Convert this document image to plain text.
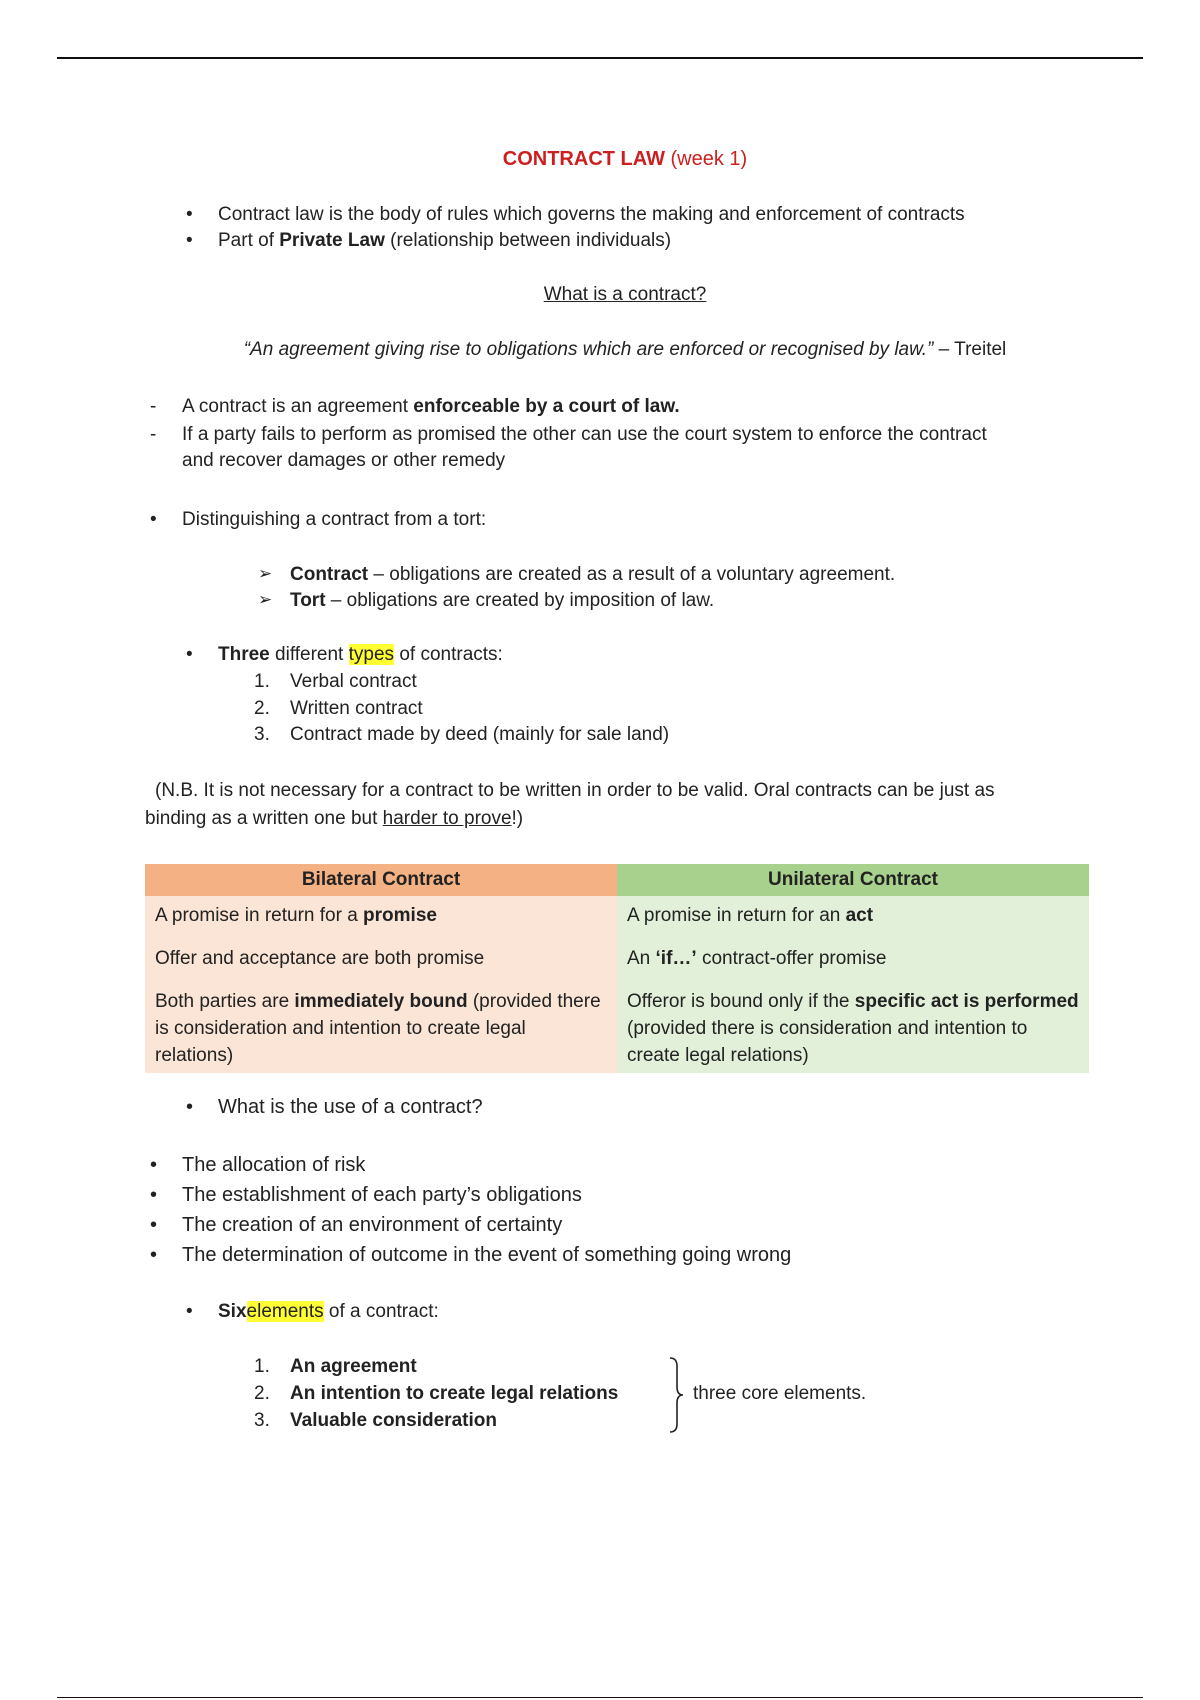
CONTRACT LAW (week 1)
• Contract law is the body of rules which governs the making and enforcement of contracts
• Part of Private Law (relationship between individuals)
What is a contract?
“An agreement giving rise to obligations which are enforced or recognised by law.” – Treitel
- A contract is an agreement enforceable by a court of law.
- If a party fails to perform as promised the other can use the court system to enforce the contract
and recover damages or other remedy
• Distinguishing a contract from a tort:
➢ Contract – obligations are created as a result of a voluntary agreement.
➢ Tort – obligations are created by imposition of law.
• Three different types of contracts:
1. Verbal contract
2. Written contract
3. Contract made by deed (mainly for sale land)
(N.B. It is not necessary for a contract to be written in order to be valid. Oral contracts can be just as
binding as a written one but harder to prove!)
Bilateral Contract	Unilateral Contract
A promise in return for a promise	A promise in return for an act
Offer and acceptance are both promise	An ‘if…’ contract-offer promise
Both parties are immediately bound (provided there is consideration and intention to create legal relations)	Offeror is bound only if the specific act is performed (provided there is consideration and intention to create legal relations)
• What is the use of a contract?
• The allocation of risk
• The establishment of each party’s obligations
• The creation of an environment of certainty
• The determination of outcome in the event of something going wrong
• Sixelements of a contract:
1. An agreement
2. An intention to create legal relations
3. Valuable consideration
three core elements.
